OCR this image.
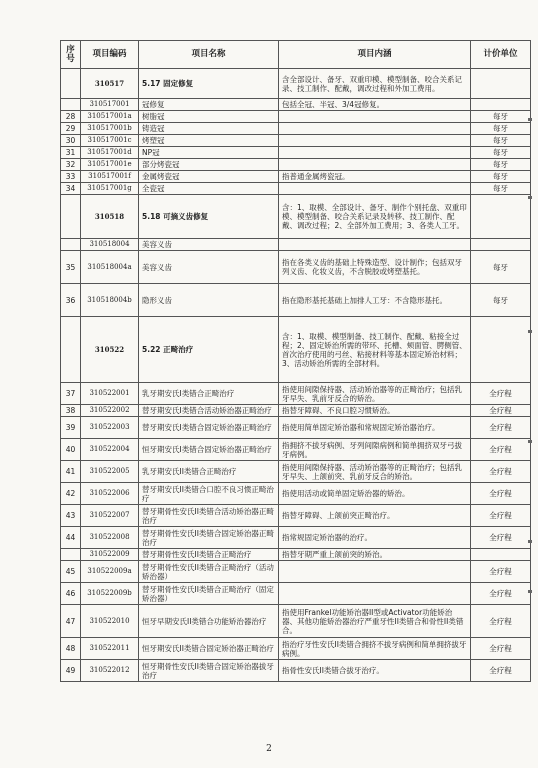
序号	项目编码	项目名称	项目内涵	计价单位
	310517	5.17 固定修复	含全部设计、备牙、双重印模、模型制备、咬合关系记录、技工制作、配戴，调改过程和外加工费用。	
	310517001	冠修复	包括全冠、半冠、3/4冠修复。	
28	310517001a	树脂冠		每牙
29	310517001b	铸造冠		每牙
30	310517001c	烤塑冠		每牙
31	310517001d	NP冠		每牙
32	310517001e	部分烤瓷冠		每牙
33	310517001f	金属烤瓷冠	指普通金属烤瓷冠。	每牙
34	310517001g	全瓷冠		每牙
	310518	5.18 可摘义齿修复	含：1、取模、全部设计、备牙、制作个别托盘、双重印模、模型制备、咬合关系记录及转移、技工制作、配戴、调改过程；2、全部外加工费用；3、各类人工牙。	
	310518004	美容义齿		
35	310518004a	美容义齿	指在各类义齿的基础上特殊造型、设计制作；包括双牙列义齿、化妆义齿，不含脱胶或烤塑基托。	每牙
36	310518004b	隐形义齿	指在隐形基托基础上加排人工牙：不含隐形基托。	每牙
	310522	5.22 正畸治疗	含：1、取模、模型制备、技工制作、配戴、粘接全过程；2、固定矫治所需的带环、托槽、颊面管、腭侧管、首次治疗使用的弓丝、粘接材料等基本固定矫治材料；3、活动矫治所需的全部材料。	
37	310522001	乳牙期安氏I类错合正畸治疗	指使用间隙保持器、活动矫治器等的正畸治疗；包括乳牙早失、乳前牙反合的矫治。	全疗程
38	310522002	替牙期安氏I类错合活动矫治器正畸治疗	指替牙障碍、不良口腔习惯矫治。	全疗程
39	310522003	替牙期安氏I类错合固定矫治器正畸治疗	指使用简单固定矫治器和常规固定矫治器治疗。	全疗程
40	310522004	恒牙期安氏I类错合固定矫治器正畸治疗	指拥挤不拔牙病例、牙列间隙病例和简单拥挤双牙弓拔牙病例。	全疗程
41	310522005	乳牙期安氏II类错合正畸治疗	指使用间隙保持器、活动矫治器等的正畸治疗；包括乳牙早失、上颌前突、乳前牙反合的矫治。	全疗程
42	310522006	替牙期安氏II类错合口腔不良习惯正畸治疗	指使用活动或简单固定矫治器的矫治。	全疗程
43	310522007	替牙期骨性安氏II类错合活动矫治器正畸治疗	指替牙障碍、上颌前突正畸治疗。	全疗程
44	310522008	替牙期骨性安氏II类错合固定矫治器正畸治疗	指常规固定矫治器的治疗。	全疗程
	310522009	替牙期骨性安氏II类错合正畸治疗	指替牙期严重上颌前突的矫治。	
45	310522009a	替牙期骨性安氏II类错合正畸治疗（活动矫治器）		全疗程
46	310522009b	替牙期骨性安氏II类错合正畸治疗（固定矫治器）		全疗程
47	310522010	恒牙早期安氏II类错合功能矫治器治疗	指使用Frankel功能矫治器II型或Activator功能矫治器、其他功能矫治器治疗严重牙性II类错合和骨性II类错合。	全疗程
48	310522011	恒牙期安氏II类错合固定矫治器正畸治疗	指治疗牙性安氏II类错合拥挤不拔牙病例和简单拥挤拔牙病例。	全疗程
49	310522012	恒牙期骨性安氏II类错合固定矫治器拔牙治疗	指骨性安氏II类错合拔牙治疗。	全疗程
2
